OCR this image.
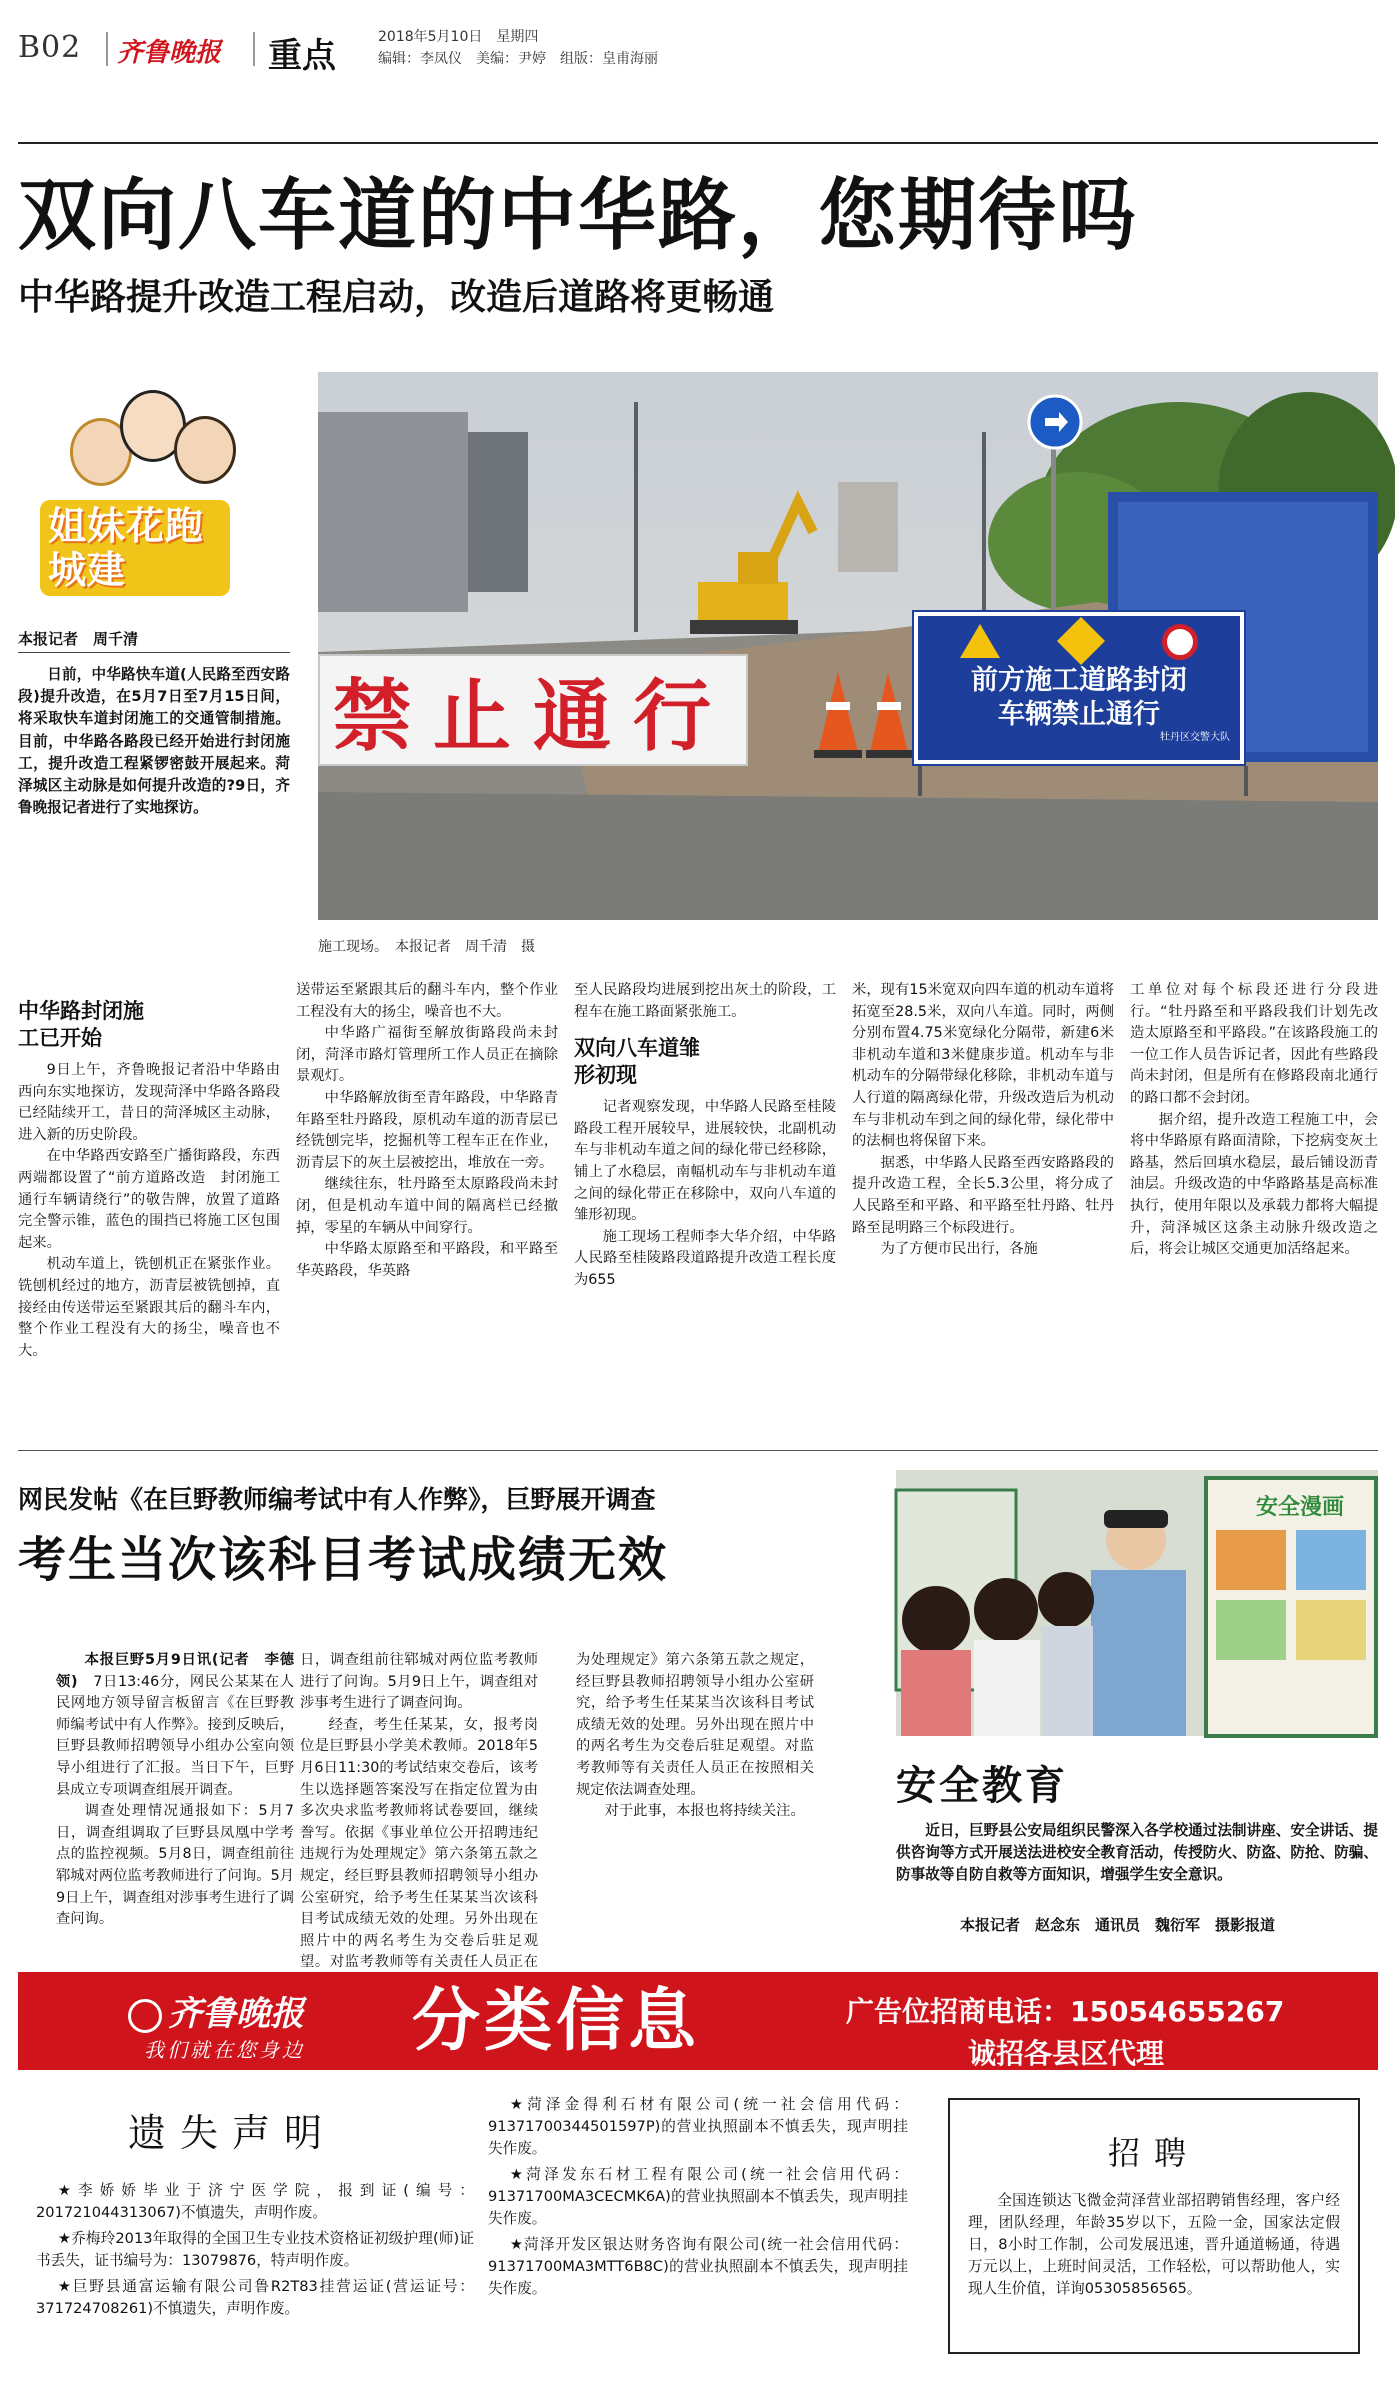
B02 齐鲁晚报 重点	2018年5月10日　星期四
编辑：李凤仪　美编：尹婷　组版：皇甫海丽
双向八车道的中华路，您期待吗
中华路提升改造工程启动，改造后道路将更畅通
姐妹花跑城建
本报记者　周千清
日前，中华路快车道(人民路至西安路段)提升改造，在5月7日至7月15日间，将采取快车道封闭施工的交通管制措施。目前，中华路各路段已经开始进行封闭施工，提升改造工程紧锣密鼓开展起来。菏泽城区主动脉是如何提升改造的?9日，齐鲁晚报记者进行了实地探访。
禁止通行	前方施工道路封闭
车辆禁止通行
牡丹区交警大队
施工现场。　本报记者　周千清　摄
中华路封闭施工已开始
9日上午，齐鲁晚报记者沿中华路由西向东实地探访，发现菏泽中华路各路段已经陆续开工，昔日的菏泽城区主动脉，进入新的历史阶段。
在中华路西安路至广播街路段，东西两端都设置了“前方道路改造　封闭施工　通行车辆请绕行”的敬告牌，放置了道路完全警示锥，蓝色的围挡已将施工区包围起来。
机动车道上，铣刨机正在紧张作业。铣刨机经过的地方，沥青层被铣刨掉，直接经由传送带运至紧跟其后的翻斗车内，整个作业工程没有大的扬尘，噪音也不大。
送带运至紧跟其后的翻斗车内，整个作业工程没有大的扬尘，噪音也不大。
中华路广福街至解放街路段尚未封闭，菏泽市路灯管理所工作人员正在摘除景观灯。
中华路解放街至青年路段，中华路青年路至牡丹路段，原机动车道的沥青层已经铣刨完毕，挖掘机等工程车正在作业，沥青层下的灰土层被挖出，堆放在一旁。
继续往东，牡丹路至太原路段尚未封闭，但是机动车道中间的隔离栏已经撤掉，零星的车辆从中间穿行。
中华路太原路至和平路段，和平路至华英路段，华英路
至人民路段均进展到挖出灰土的阶段，工程车在施工路面紧张施工。
双向八车道雏形初现
记者观察发现，中华路人民路至桂陵路段工程开展较早，进展较快，北副机动车与非机动车道之间的绿化带已经移除，铺上了水稳层，南幅机动车与非机动车道之间的绿化带正在移除中，双向八车道的雏形初现。
施工现场工程师李大华介绍，中华路人民路至桂陵路段道路提升改造工程长度为655
米，现有15米宽双向四车道的机动车道将拓宽至28.5米，双向八车道。同时，两侧分别布置4.75米宽绿化分隔带，新建6米非机动车道和3米健康步道。机动车与非机动车的分隔带绿化移除，非机动车道与人行道的隔离绿化带，升级改造后为机动车与非机动车到之间的绿化带，绿化带中的法桐也将保留下来。
据悉，中华路人民路至西安路路段的提升改造工程，全长5.3公里，将分成了人民路至和平路、和平路至牡丹路、牡丹路至昆明路三个标段进行。
为了方便市民出行，各施
工单位对每个标段还进行分段进行。“牡丹路至和平路段我们计划先改造太原路至和平路段。”在该路段施工的一位工作人员告诉记者，因此有些路段尚未封闭，但是所有在修路段南北通行的路口都不会封闭。
据介绍，提升改造工程施工中，会将中华路原有路面清除，下挖病变灰土路基，然后回填水稳层，最后铺设沥青油层。升级改造的中华路路基是高标准执行，使用年限以及承载力都将大幅提升，菏泽城区这条主动脉升级改造之后，将会让城区交通更加活络起来。
网民发帖《在巨野教师编考试中有人作弊》，巨野展开调查
考生当次该科目考试成绩无效
本报巨野5月9日讯(记者　李德领)　 7日13:46分，网民公某某在人民网地方领导留言板留言《在巨野教师编考试中有人作弊》。接到反映后，巨野县教师招聘领导小组办公室向领导小组进行了汇报。当日下午，巨野县成立专项调查组展开调查。
调查处理情况通报如下：5月7日，调查组调取了巨野县凤凰中学考点的监控视频。5月8日，调查组前往郓城对两位监考教师进行了问询。5月9日上午，调查组对涉事考生进行了调查问询。
日，调查组前往郓城对两位监考教师进行了问询。5月9日上午，调查组对涉事考生进行了调查问询。
经查，考生任某某，女，报考岗位是巨野县小学美术教师。2018年5月6日11:30的考试结束交卷后，该考生以选择题答案没写在指定位置为由多次央求监考教师将试卷要回，继续誊写。依据《事业单位公开招聘违纪违规行为处理规定》第六条第五款之规定，经巨野县教师招聘领导小组办公室研究，给予考生任某某当次该科目考试成绩无效的处理。另外出现在照片中的两名考生为交卷后驻足观望。对监考教师等有关责任人员正在
为处理规定》第六条第五款之规定，经巨野县教师招聘领导小组办公室研究，给予考生任某某当次该科目考试成绩无效的处理。另外出现在照片中的两名考生为交卷后驻足观望。对监考教师等有关责任人员正在按照相关规定依法调查处理。
对于此事，本报也将持续关注。
安全漫画
安全教育
近日，巨野县公安局组织民警深入各学校通过法制讲座、安全讲话、提供咨询等方式开展送法进校安全教育活动，传授防火、防盗、防抢、防骗、防事故等自防自救等方面知识，增强学生安全意识。
本报记者　赵念东　通讯员　魏衍军　摄影报道
齐鲁晚报
我们就在您身边 分类信息	广告位招商电话：15054655267
诚招各县区代理
遗失声明
★李娇娇毕业于济宁医学院，报到证(编号：201721044313067)不慎遗失，声明作废。
★乔梅玲2013年取得的全国卫生专业技术资格证初级护理(师)证书丢失，证书编号为：13079876，特声明作废。
★巨野县通富运输有限公司鲁R2T83挂营运证(营运证号：371724708261)不慎遗失，声明作废。
★菏泽金得利石材有限公司(统一社会信用代码：91371700344501597P)的营业执照副本不慎丢失，现声明挂失作废。
★菏泽发东石材工程有限公司(统一社会信用代码：91371700MA3CECMK6A)的营业执照副本不慎丢失，现声明挂失作废。
★菏泽开发区银达财务咨询有限公司(统一社会信用代码：91371700MA3MTT6B8C)的营业执照副本不慎丢失，现声明挂失作废。
招聘
全国连锁达飞微金菏泽营业部招聘销售经理，客户经理，团队经理，年龄35岁以下，五险一金，国家法定假日，8小时工作制，公司发展迅速，晋升通道畅通，待遇万元以上，上班时间灵活，工作轻松，可以帮助他人，实现人生价值，详询05305856565。
